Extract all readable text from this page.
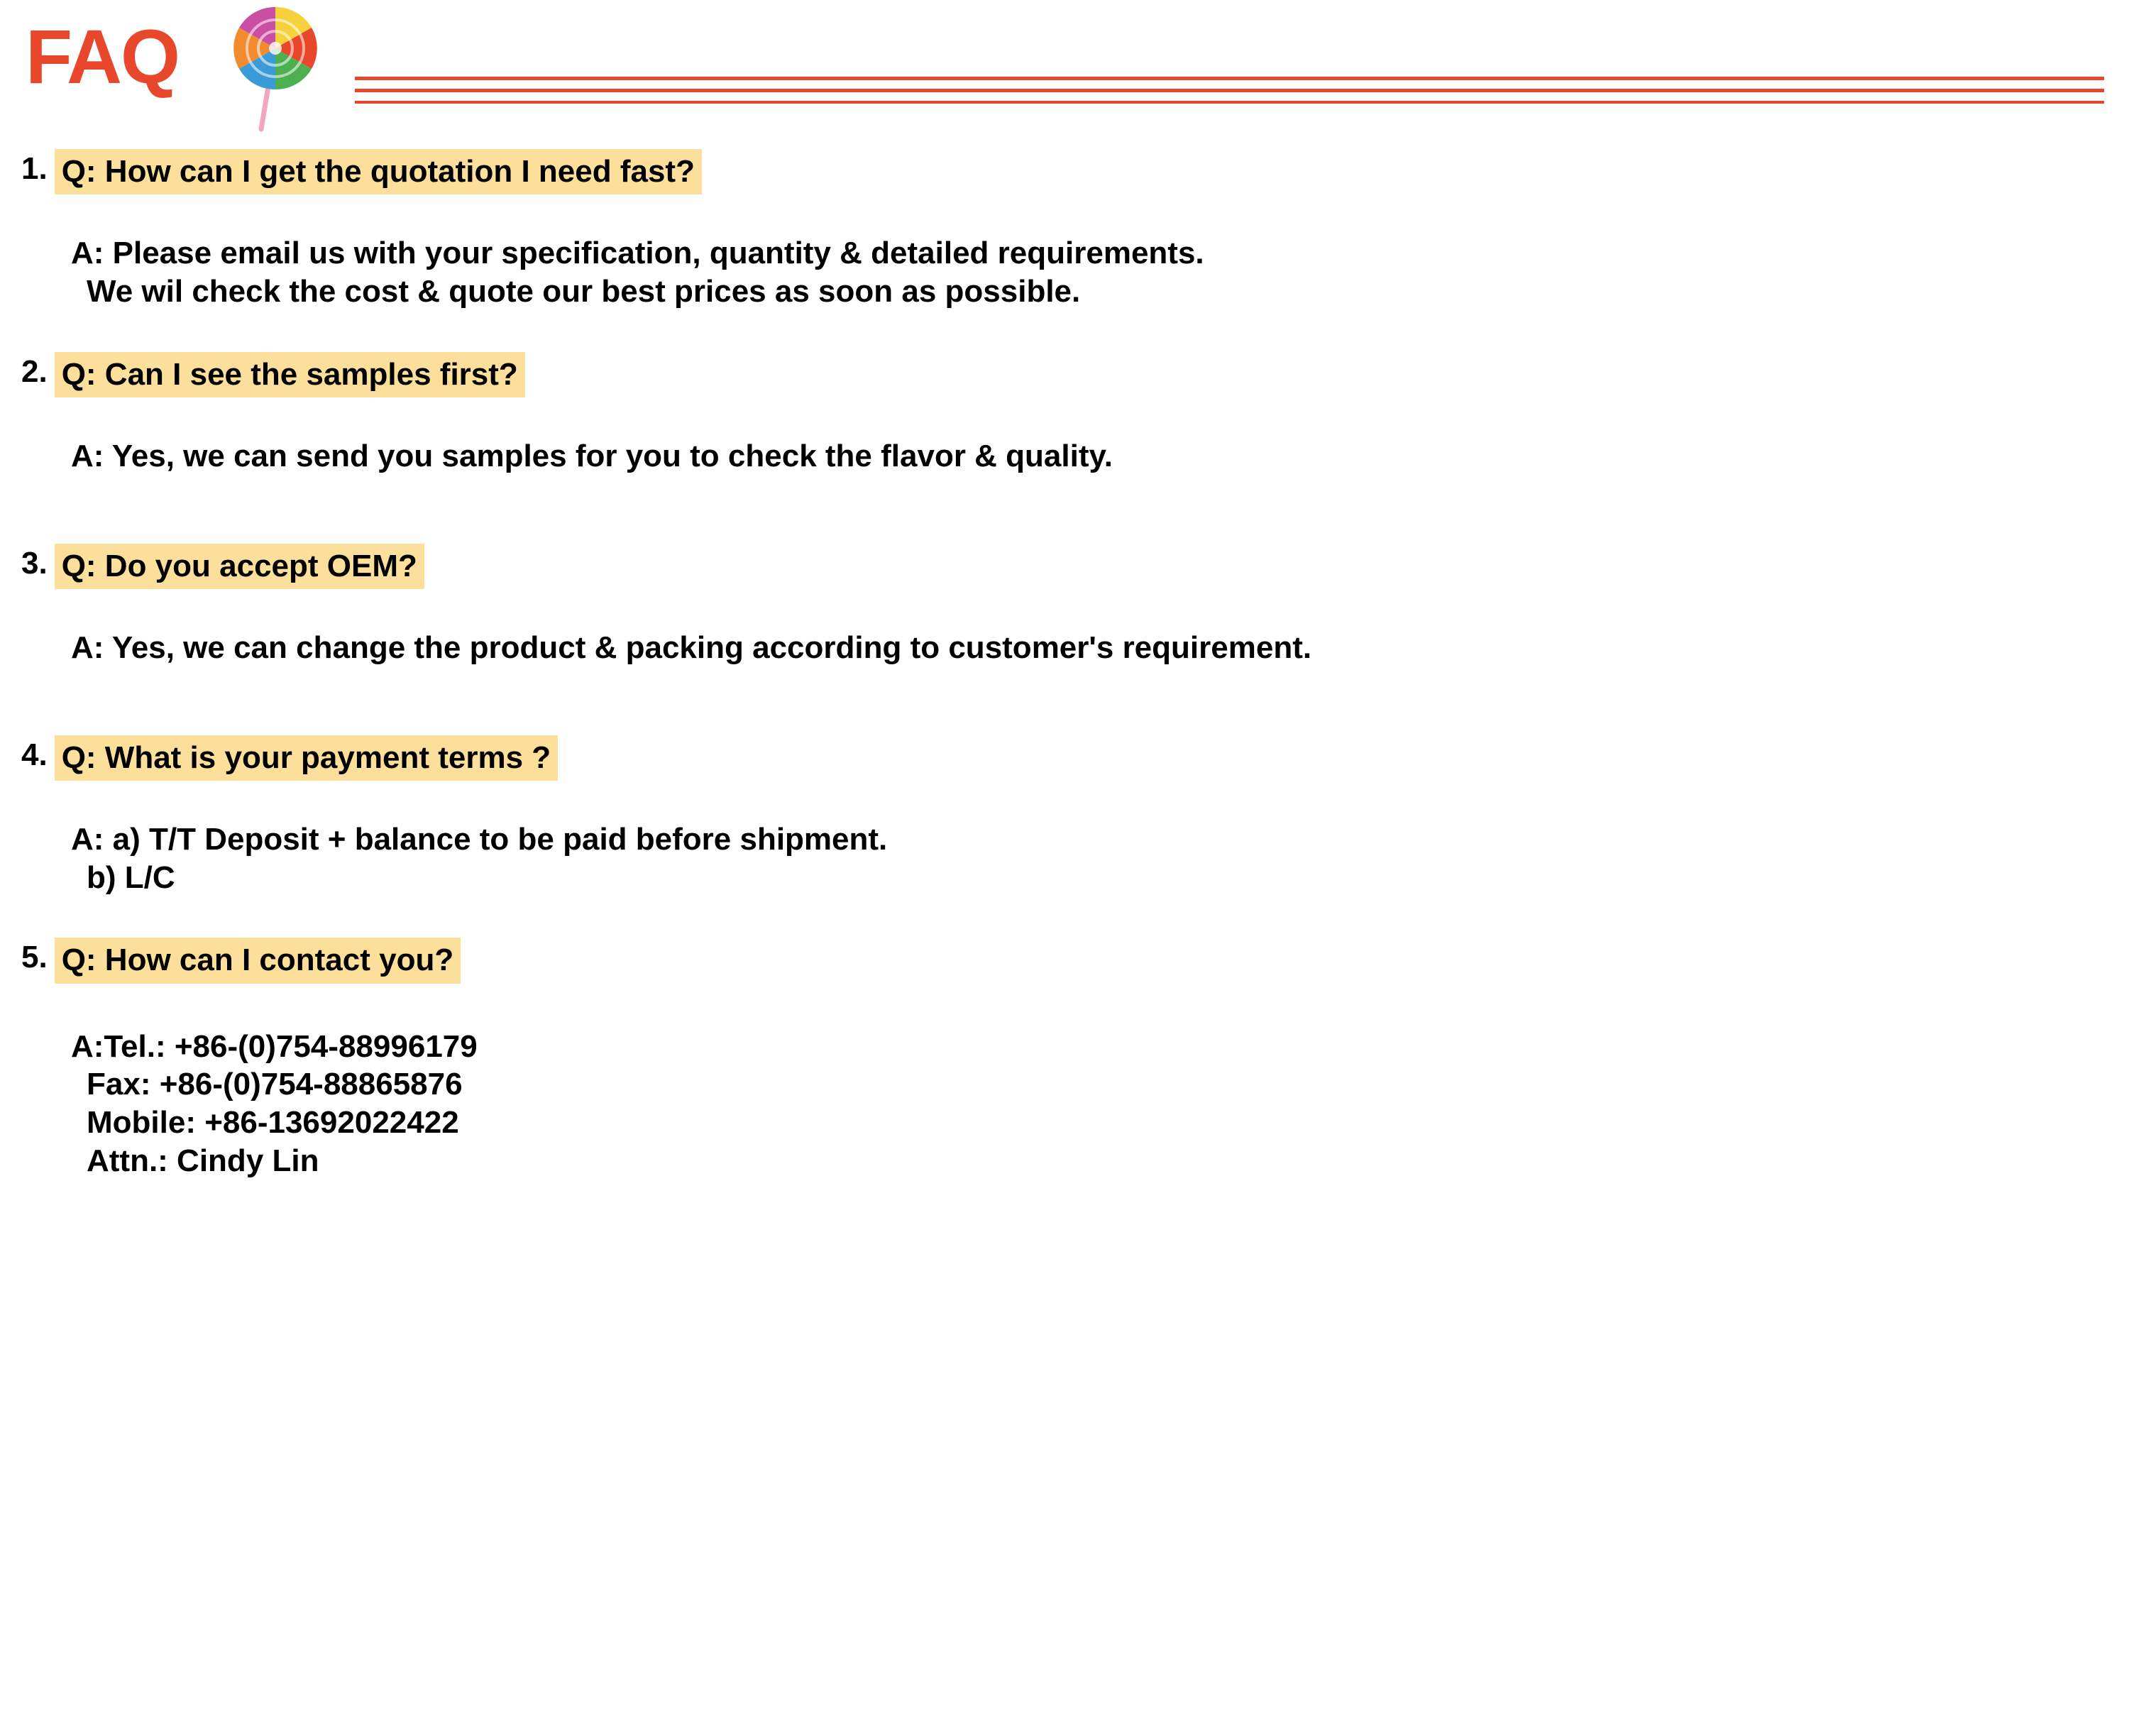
FAQ
1. Q: How can I get the quotation I need fast?
A: Please email us with your specification, quantity & detailed requirements.
We wil check the cost & quote our best prices as soon as possible.
2. Q: Can I see the samples first?
A: Yes, we can send you samples for you to check the flavor & quality.
3. Q: Do you accept OEM?
A: Yes, we can change the product & packing according to customer's requirement.
4. Q: What is your payment terms ?
A: a) T/T Deposit + balance to be paid before shipment.
b) L/C
5. Q: How can I contact you?
A:Tel.: +86-(0)754-88996179
Fax: +86-(0)754-88865876
Mobile: +86-13692022422
Attn.: Cindy Lin
